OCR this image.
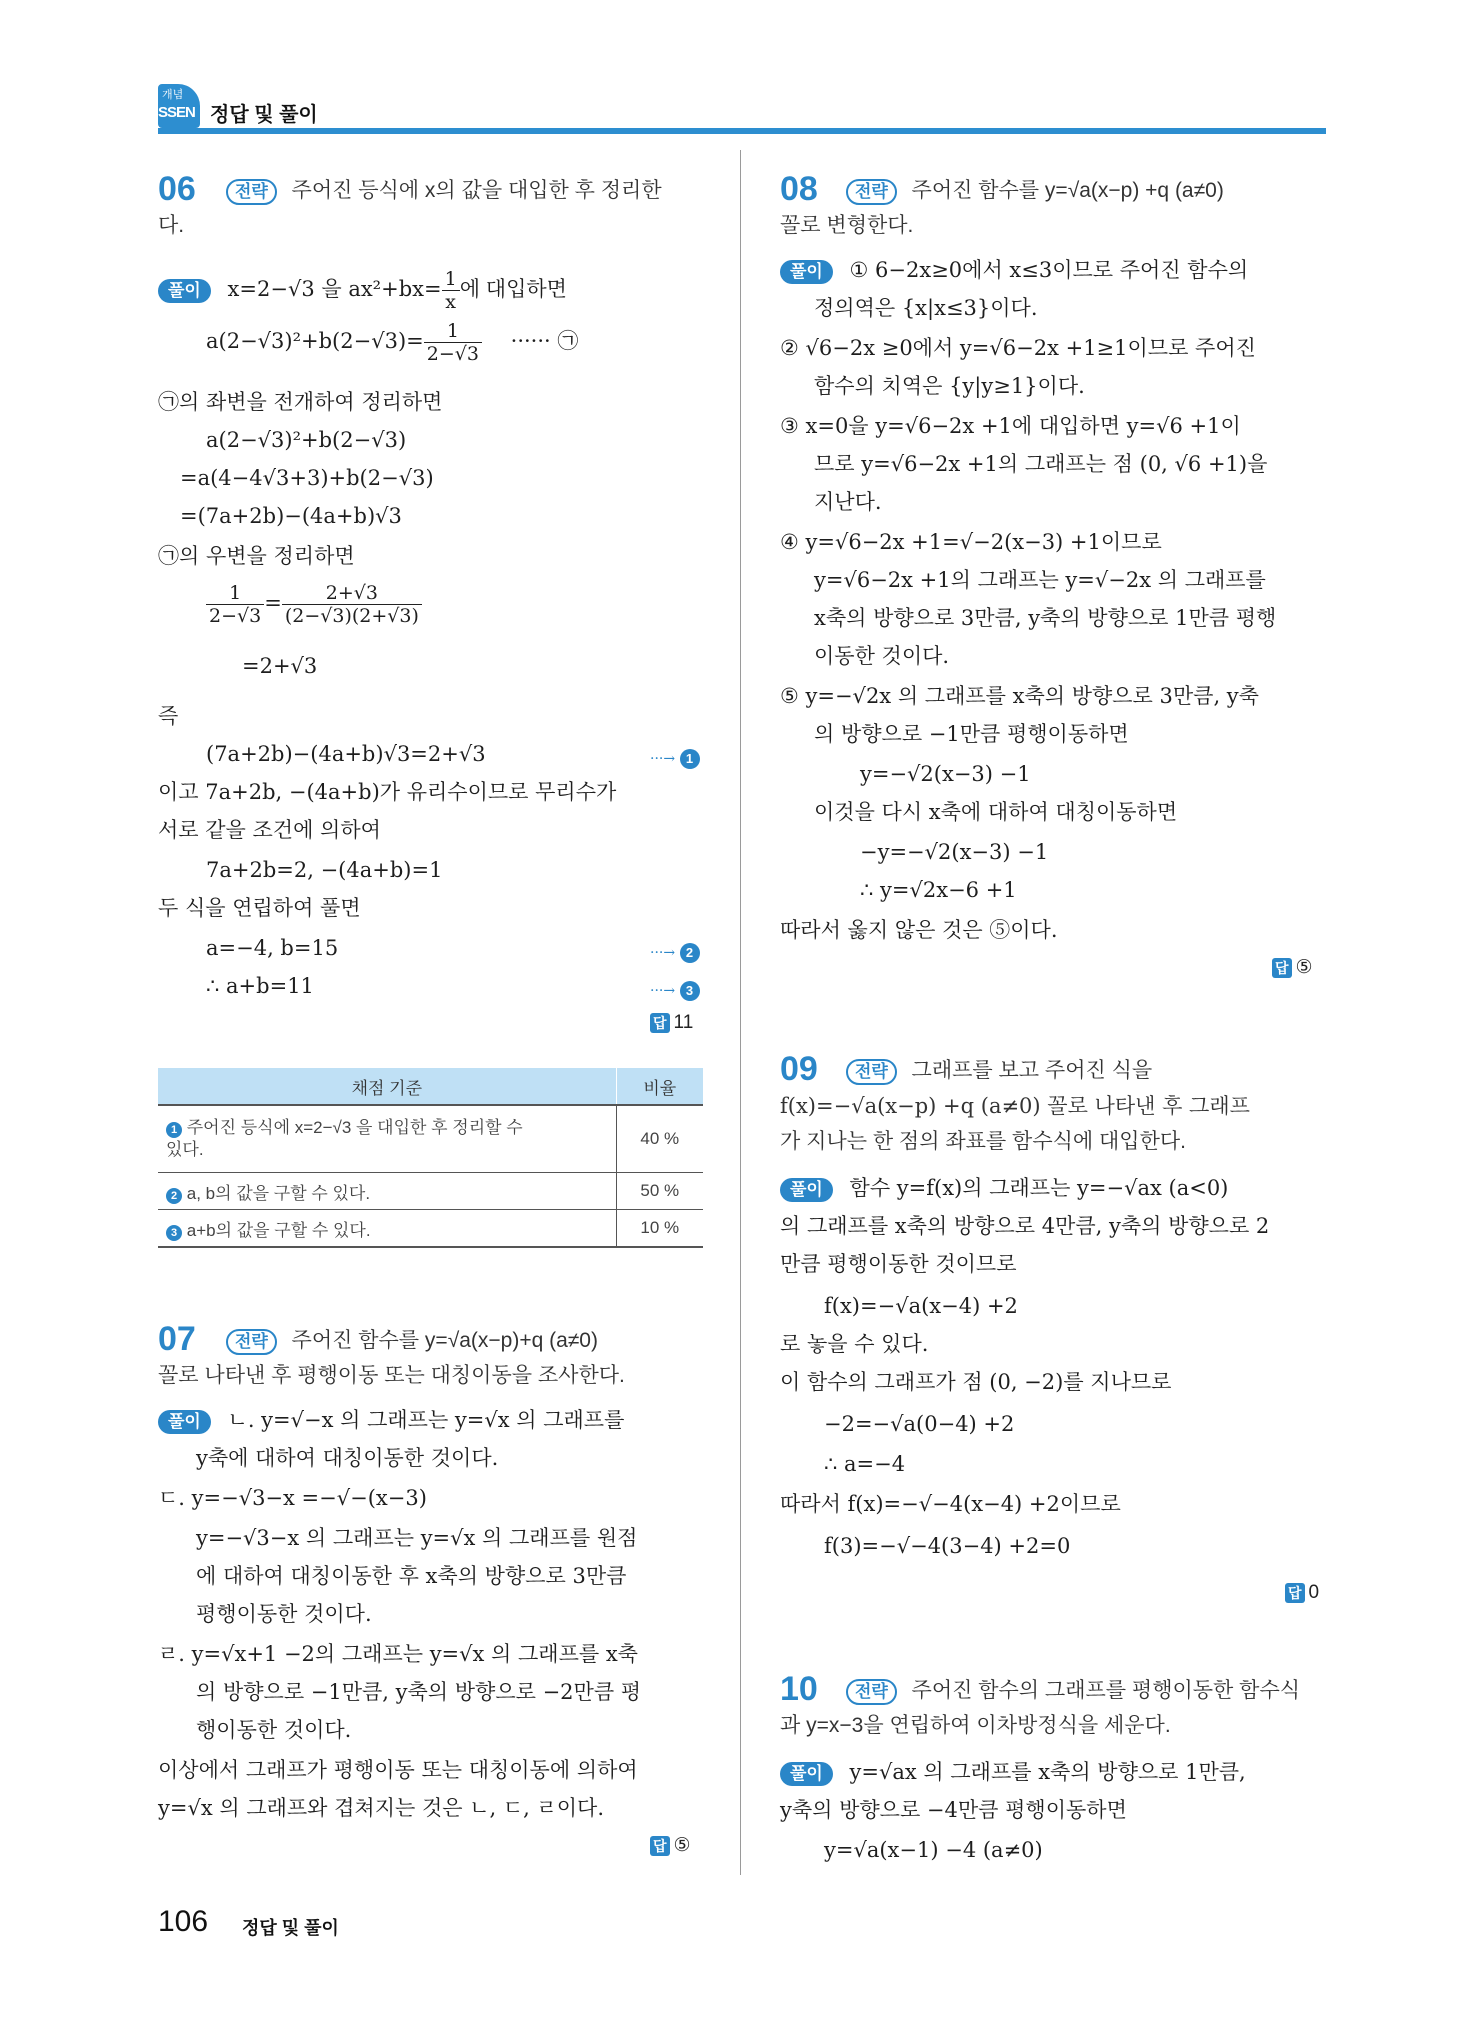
개념
SSEN 정답 및 풀이
06	전략 주어진 등식에 x의 값을 대입한 후 정리한
다.
풀이 x=2−√3 을 $ax^2+bx= \frac{1}{x}$ 에 대입하면
$a(2-√3)^2+b(2-√3)= \frac{1}{2-√3}$ ······ ㉠
㉠의 좌변을 전개하여 정리하면
a(2−√3)²+b(2−√3)
=a(4−4√3+3)+b(2−√3)
=(7a+2b)−(4a+b)√3
㉠의 우변을 정리하면
$\frac{1}{2-√3} = \frac{2+√3}{(2-√3)(2+√3)}$
=2+√3
즉
(7a+2b)−(4a+b)√3=2+√3	···→ 1
이고 7a+2b, −(4a+b)가 유리수이므로 무리수가
서로 같을 조건에 의하여
7a+2b=2, −(4a+b)=1
두 식을 연립하여 풀면
a=−4, b=15	···→ 2
∴ a+b=11	···→ 3
답 11
채점 기준	비율
1 주어진 등식에 x=2−√3 을 대입한 후 정리할 수
있다.	40 %
2 a, b의 값을 구할 수 있다.	50 %
3 a+b의 값을 구할 수 있다.	10 %
07	전략 주어진 함수를 y=√a(x−p)+q (a≠0)
꼴로 나타낸 후 평행이동 또는 대칭이동을 조사한다.
풀이 ㄴ. y=√−x 의 그래프는 y=√x 의 그래프를
y축에 대하여 대칭이동한 것이다.
ㄷ. y=−√3−x =−√−(x−3)
y=−√3−x 의 그래프는 y=√x 의 그래프를 원점
에 대하여 대칭이동한 후 x축의 방향으로 3만큼
평행이동한 것이다.
ㄹ. y=√x+1 −2의 그래프는 y=√x 의 그래프를 x축
의 방향으로 −1만큼, y축의 방향으로 −2만큼 평
행이동한 것이다.
이상에서 그래프가 평행이동 또는 대칭이동에 의하여
y=√x 의 그래프와 겹쳐지는 것은 ㄴ, ㄷ, ㄹ이다.
답 ⑤
08	전략 주어진 함수를 y=√a(x−p) +q (a≠0)
꼴로 변형한다.
풀이 ① 6−2x≥0에서 x≤3이므로 주어진 함수의
정의역은 {x|x≤3}이다.
② √6−2x ≥0에서 y=√6−2x +1≥1이므로 주어진
함수의 치역은 {y|y≥1}이다.
③ x=0을 y=√6−2x +1에 대입하면 y=√6 +1이
므로 y=√6−2x +1의 그래프는 점 (0, √6 +1)을
지난다.
④ y=√6−2x +1=√−2(x−3) +1이므로
y=√6−2x +1의 그래프는 y=√−2x 의 그래프를
x축의 방향으로 3만큼, y축의 방향으로 1만큼 평행
이동한 것이다.
⑤ y=−√2x 의 그래프를 x축의 방향으로 3만큼, y축
의 방향으로 −1만큼 평행이동하면
y=−√2(x−3) −1
이것을 다시 x축에 대하여 대칭이동하면
−y=−√2(x−3) −1
∴ y=√2x−6 +1
따라서 옳지 않은 것은 ⑤이다.
답 ⑤
09	전략 그래프를 보고 주어진 식을
f(x)=−√a(x−p) +q (a≠0) 꼴로 나타낸 후 그래프
가 지나는 한 점의 좌표를 함수식에 대입한다.
풀이 함수 y=f(x)의 그래프는 y=−√ax (a<0)
의 그래프를 x축의 방향으로 4만큼, y축의 방향으로 2
만큼 평행이동한 것이므로
f(x)=−√a(x−4) +2
로 놓을 수 있다.
이 함수의 그래프가 점 (0, −2)를 지나므로
−2=−√a(0−4) +2
∴ a=−4
따라서 f(x)=−√−4(x−4) +2이므로
f(3)=−√−4(3−4) +2=0
답 0
10	전략 주어진 함수의 그래프를 평행이동한 함수식
과 y=x−3을 연립하여 이차방정식을 세운다.
풀이 y=√ax 의 그래프를 x축의 방향으로 1만큼,
y축의 방향으로 −4만큼 평행이동하면
y=√a(x−1) −4 (a≠0)
106 정답 및 풀이
